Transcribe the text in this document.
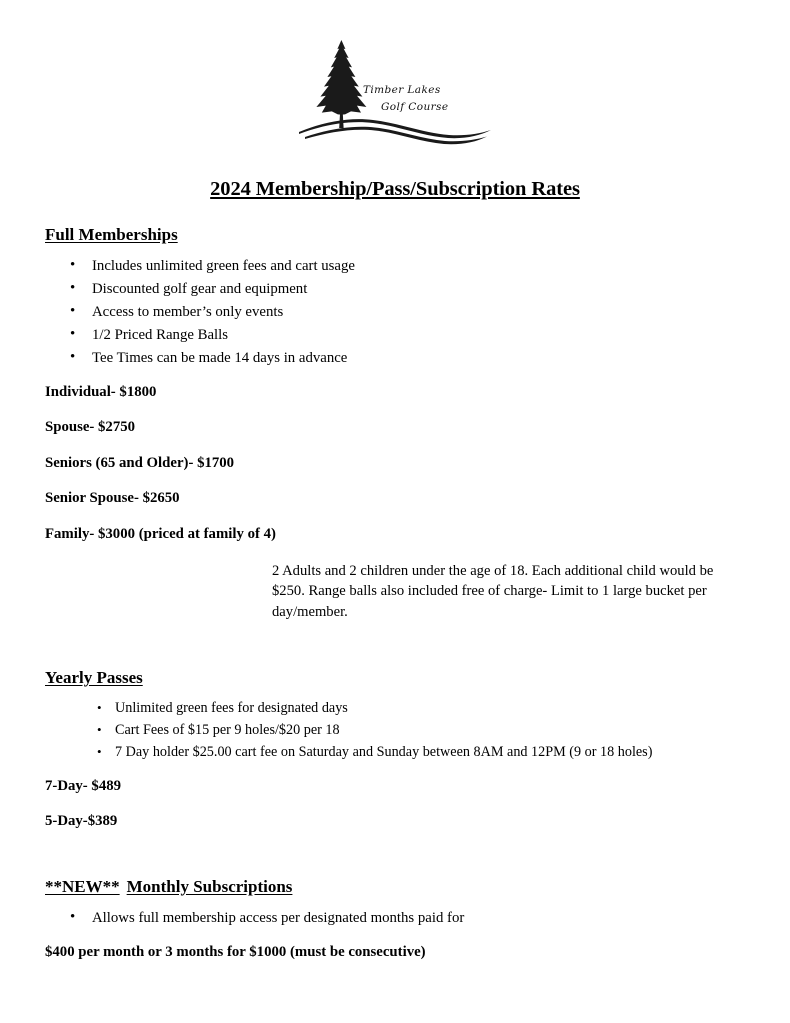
Timber Lakes
Golf Course
2024 Membership/Pass/Subscription Rates
Full Memberships
• Includes unlimited green fees and cart usage
• Discounted golf gear and equipment
• Access to member’s only events
• 1/2 Priced Range Balls
• Tee Times can be made 14 days in advance

Individual- $1800

Spouse- $2750

Seniors (65 and Older)- $1700

Senior Spouse- $2650

Family- $3000 (priced at family of 4)

2 Adults and 2 children under the age of 18. Each additional child would be $250. Range balls also included free of charge- Limit to 1 large bucket per day/member.

Yearly Passes
• Unlimited green fees for designated days
• Cart Fees of $15 per 9 holes/$20 per 18
• 7 Day holder $25.00 cart fee on Saturday and Sunday between 8AM and 12PM (9 or 18 holes)

7-Day- $489

5-Day-$389

**NEW** Monthly Subscriptions
• Allows full membership access per designated months paid for

$400 per month or 3 months for $1000 (must be consecutive)
